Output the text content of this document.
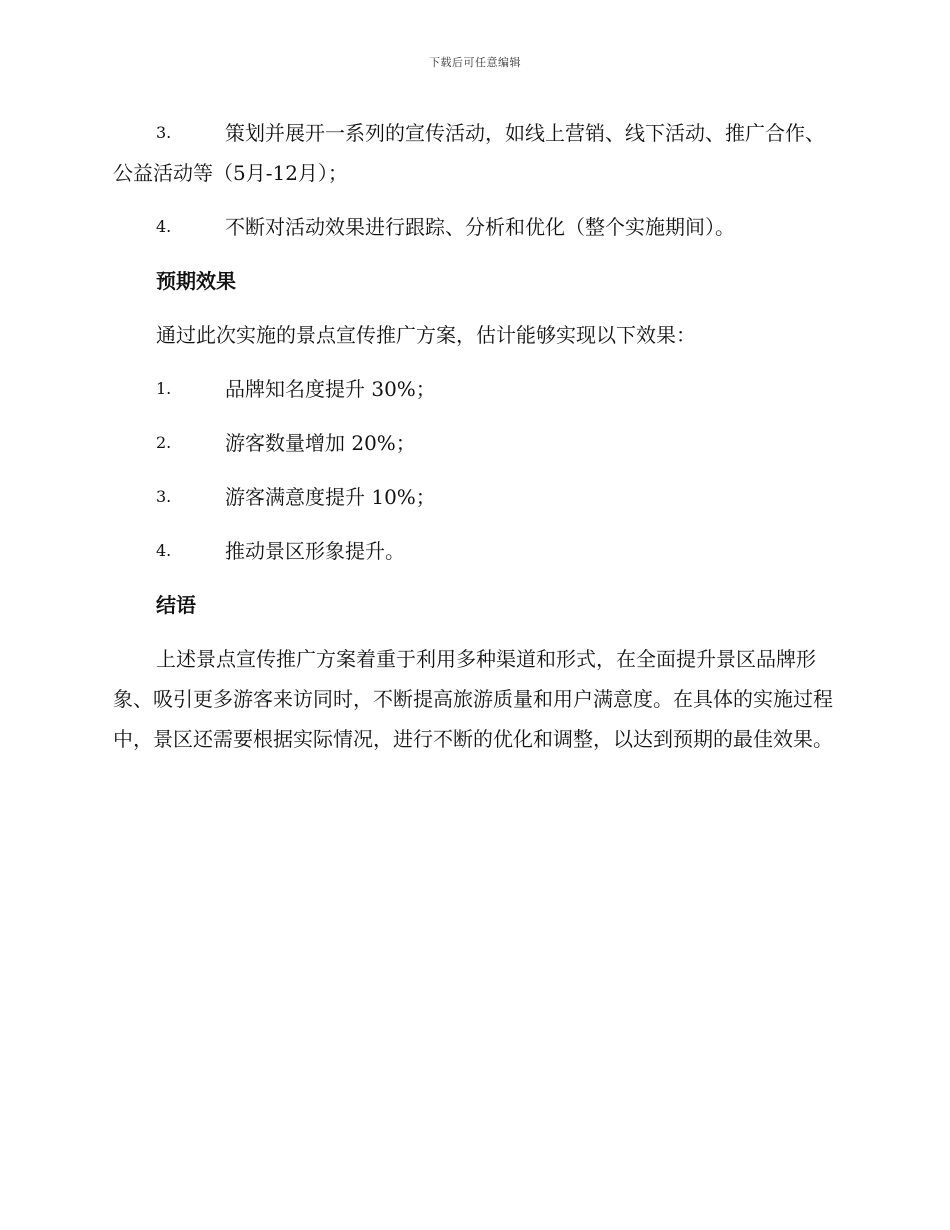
下载后可任意编辑
3.	策划并展开一系列的宣传活动，如线上营销、线下活动、推广合作、公益活动等（5月-12月）；
4.	不断对活动效果进行跟踪、分析和优化（整个实施期间）。
预期效果
通过此次实施的景点宣传推广方案，估计能够实现以下效果：
1.	品牌知名度提升 30%；
2.	游客数量增加 20%；
3.	游客满意度提升 10%；
4.	推动景区形象提升。
结语
上述景点宣传推广方案着重于利用多种渠道和形式，在全面提升景区品牌形象、吸引更多游客来访同时，不断提高旅游质量和用户满意度。在具体的实施过程中，景区还需要根据实际情况，进行不断的优化和调整，以达到预期的最佳效果。
